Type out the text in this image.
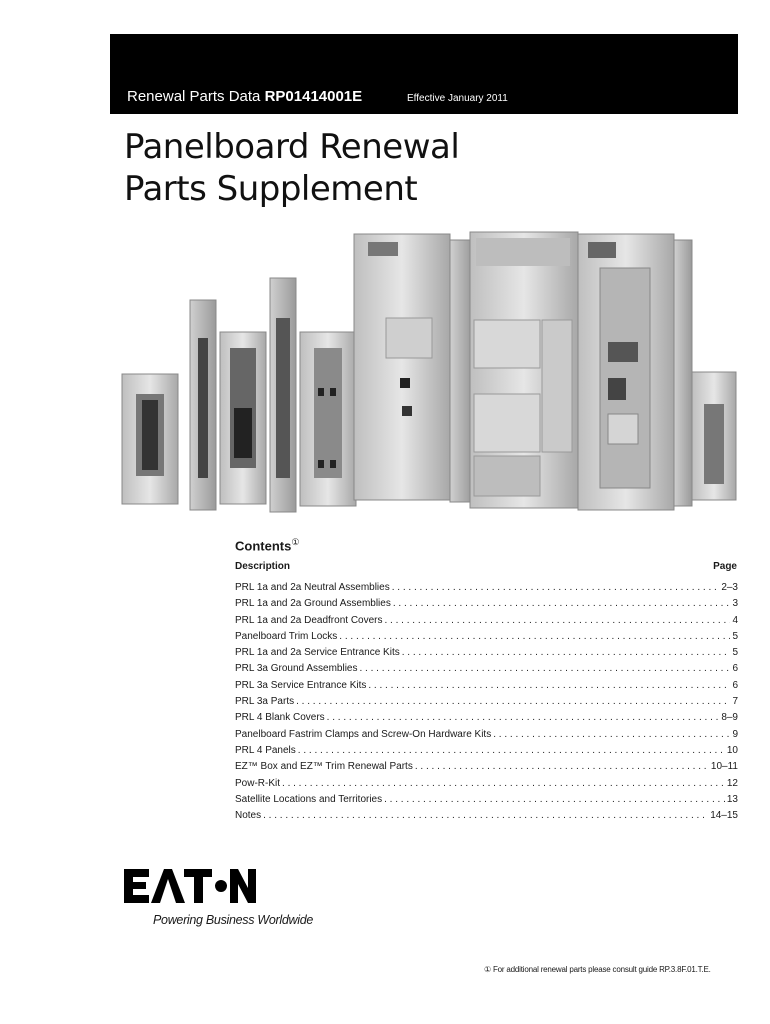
Renewal Parts Data RP01414001E	Effective January 2011
Panelboard Renewal
Parts Supplement
Contents①
Description	Page
PRL 1a and 2a Neutral Assemblies . . .	2–3
PRL 1a and 2a Ground Assemblies . . .	3
PRL 1a and 2a Deadfront Covers . . .	4
Panelboard Trim Locks . . .	5
PRL 1a and 2a Service Entrance Kits . . .	5
PRL 3a Ground Assemblies . . .	6
PRL 3a Service Entrance Kits . . .	6
PRL 3a Parts . . .	7
PRL 4 Blank Covers . . .	8–9
Panelboard Fastrim Clamps and Screw-On Hardware Kits . . .	9
PRL 4 Panels . . .	10
EZ™ Box and EZ™ Trim Renewal Parts . . .	10–11
Pow-R-Kit . . .	12
Satellite Locations and Territories . . .	13
Notes . . .	14–15
Powering Business Worldwide
① For additional renewal parts please consult guide RP.3.8F.01.T.E.
